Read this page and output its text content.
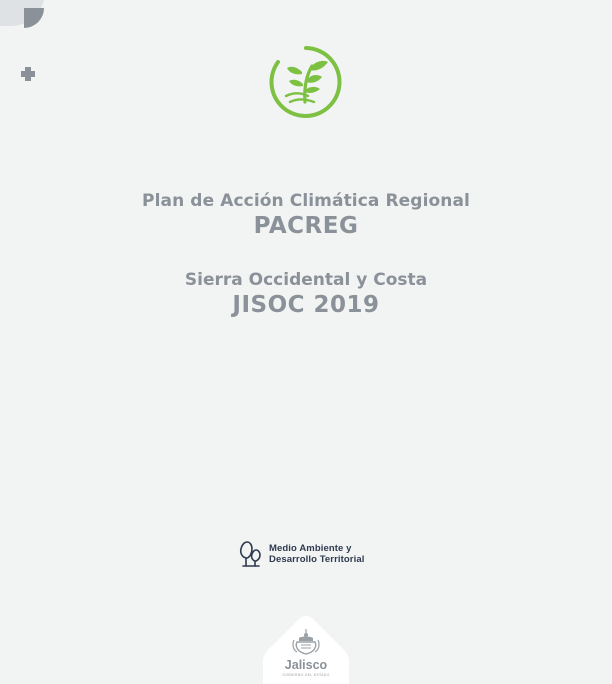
Plan de Acción Climática Regional
PACREG
Sierra Occidental y Costa
JISOC 2019
Medio Ambiente y
Desarrollo Territorial
Jalisco
GOBIERNO DEL ESTADO
